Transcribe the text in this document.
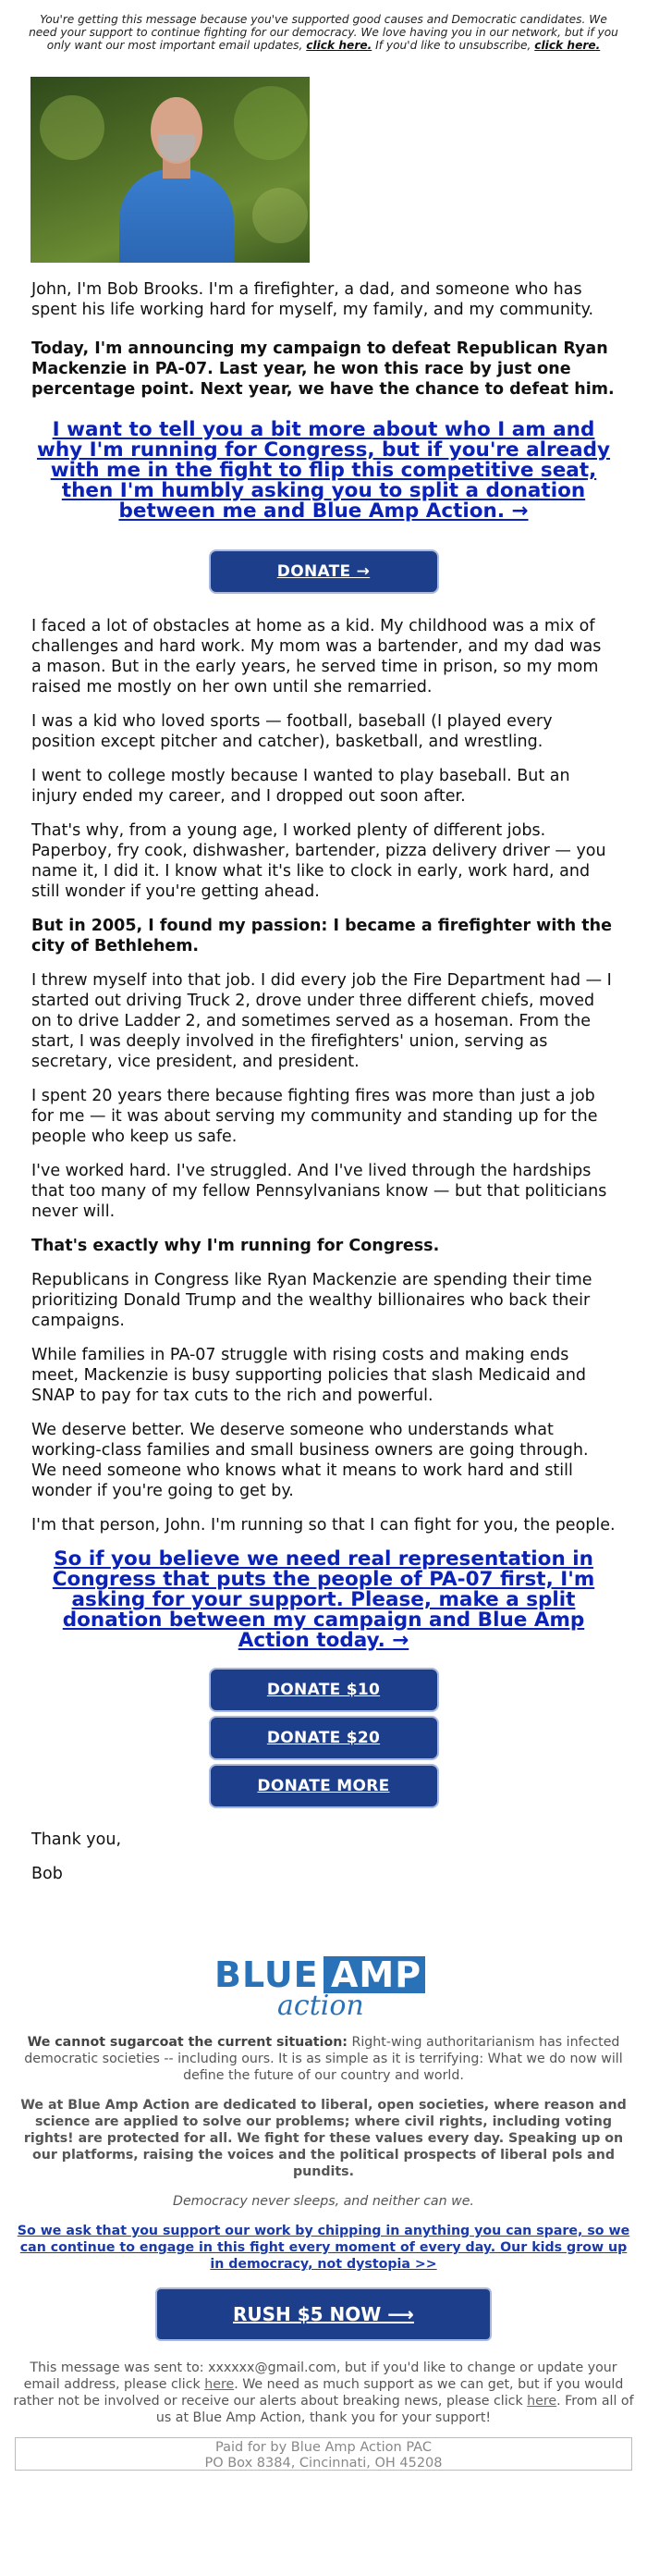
You're getting this message because you've supported good causes and Democratic candidates. We need your support to continue fighting for our democracy. We love having you in our network, but if you only want our most important email updates, click here. If you'd like to unsubscribe, click here.

John, I'm Bob Brooks. I'm a firefighter, a dad, and someone who has spent his life working hard for myself, my family, and my community.

Today, I'm announcing my campaign to defeat Republican Ryan Mackenzie in PA-07. Last year, he won this race by just one percentage point. Next year, we have the chance to defeat him.

I want to tell you a bit more about who I am and why I'm running for Congress, but if you're already with me in the fight to flip this competitive seat, then I'm humbly asking you to split a donation between me and Blue Amp Action. →
DONATE →

I faced a lot of obstacles at home as a kid. My childhood was a mix of challenges and hard work. My mom was a bartender, and my dad was a mason. But in the early years, he served time in prison, so my mom raised me mostly on her own until she remarried.

I was a kid who loved sports — football, baseball (I played every position except pitcher and catcher), basketball, and wrestling.

I went to college mostly because I wanted to play baseball. But an injury ended my career, and I dropped out soon after.

That's why, from a young age, I worked plenty of different jobs. Paperboy, fry cook, dishwasher, bartender, pizza delivery driver — you name it, I did it. I know what it's like to clock in early, work hard, and still wonder if you're getting ahead.

But in 2005, I found my passion: I became a firefighter with the city of Bethlehem.

I threw myself into that job. I did every job the Fire Department had — I started out driving Truck 2, drove under three different chiefs, moved on to drive Ladder 2, and sometimes served as a hoseman. From the start, I was deeply involved in the firefighters' union, serving as secretary, vice president, and president.

I spent 20 years there because fighting fires was more than just a job for me — it was about serving my community and standing up for the people who keep us safe.

I've worked hard. I've struggled. And I've lived through the hardships that too many of my fellow Pennsylvanians know — but that politicians never will.

That's exactly why I'm running for Congress.

Republicans in Congress like Ryan Mackenzie are spending their time prioritizing Donald Trump and the wealthy billionaires who back their campaigns.

While families in PA-07 struggle with rising costs and making ends meet, Mackenzie is busy supporting policies that slash Medicaid and SNAP to pay for tax cuts to the rich and powerful.

We deserve better. We deserve someone who understands what working-class families and small business owners are going through. We need someone who knows what it means to work hard and still wonder if you're going to get by.

I'm that person, John. I'm running so that I can fight for you, the people.

So if you believe we need real representation in Congress that puts the people of PA-07 first, I'm asking for your support. Please, make a split donation between my campaign and Blue Amp Action today. →
DONATE $10
DONATE $20
DONATE MORE

Thank you,

Bob

BLUE AMP
action

We cannot sugarcoat the current situation: Right-wing authoritarianism has infected democratic societies -- including ours. It is as simple as it is terrifying: What we do now will define the future of our country and world.

We at Blue Amp Action are dedicated to liberal, open societies, where reason and science are applied to solve our problems; where civil rights, including voting rights! are protected for all. We fight for these values every day. Speaking up on our platforms, raising the voices and the political prospects of liberal pols and pundits.

Democracy never sleeps, and neither can we.

So we ask that you support our work by chipping in anything you can spare, so we can continue to engage in this fight every moment of every day. Our kids grow up in democracy, not dystopia >>

RUSH $5 NOW ⟶

This message was sent to: xxxxxx@gmail.com, but if you'd like to change or update your email address, please click here. We need as much support as we can get, but if you would rather not be involved or receive our alerts about breaking news, please click here. From all of us at Blue Amp Action, thank you for your support!

Paid for by Blue Amp Action PAC
PO Box 8384, Cincinnati, OH 45208
